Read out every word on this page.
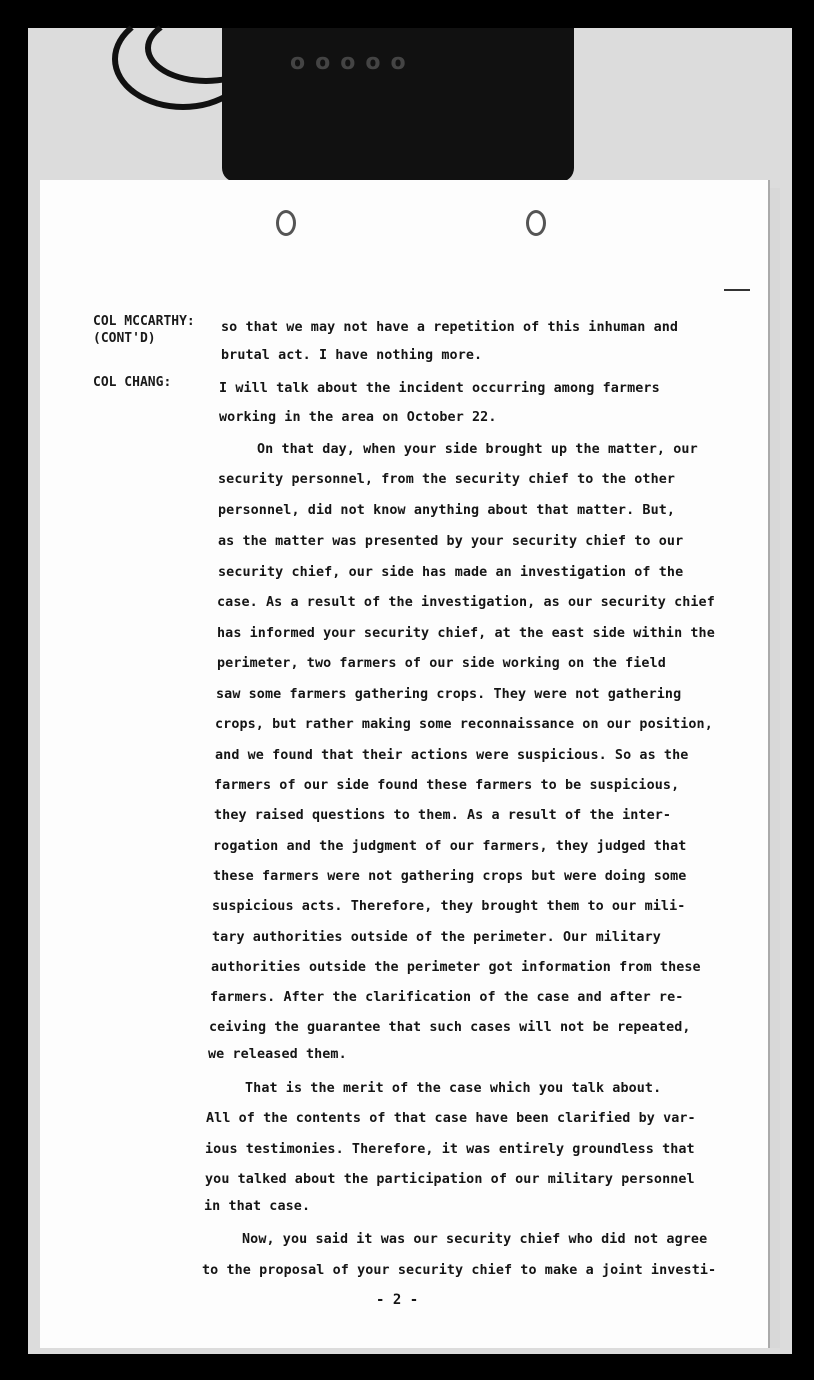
ooooo
COL MCCARTHY:
(CONT'D)
COL CHANG:
so that we may not have a repetition of this inhuman and
brutal act. I have nothing more.
I will talk about the incident occurring among farmers
working in the area on October 22.
On that day, when your side brought up the matter, our
security personnel, from the security chief to the other
personnel, did not know anything about that matter. But,
as the matter was presented by your security chief to our
security chief, our side has made an investigation of the
case. As a result of the investigation, as our security chief
has informed your security chief, at the east side within the
perimeter, two farmers of our side working on the field
saw some farmers gathering crops. They were not gathering
crops, but rather making some reconnaissance on our position,
and we found that their actions were suspicious. So as the
farmers of our side found these farmers to be suspicious,
they raised questions to them. As a result of the inter-
rogation and the judgment of our farmers, they judged that
these farmers were not gathering crops but were doing some
suspicious acts. Therefore, they brought them to our mili-
tary authorities outside of the perimeter. Our military
authorities outside the perimeter got information from these
farmers. After the clarification of the case and after re-
ceiving the guarantee that such cases will not be repeated,
we released them.
That is the merit of the case which you talk about.
All of the contents of that case have been clarified by var-
ious testimonies. Therefore, it was entirely groundless that
you talked about the participation of our military personnel
in that case.
Now, you said it was our security chief who did not agree
to the proposal of your security chief to make a joint investi-
- 2 -
